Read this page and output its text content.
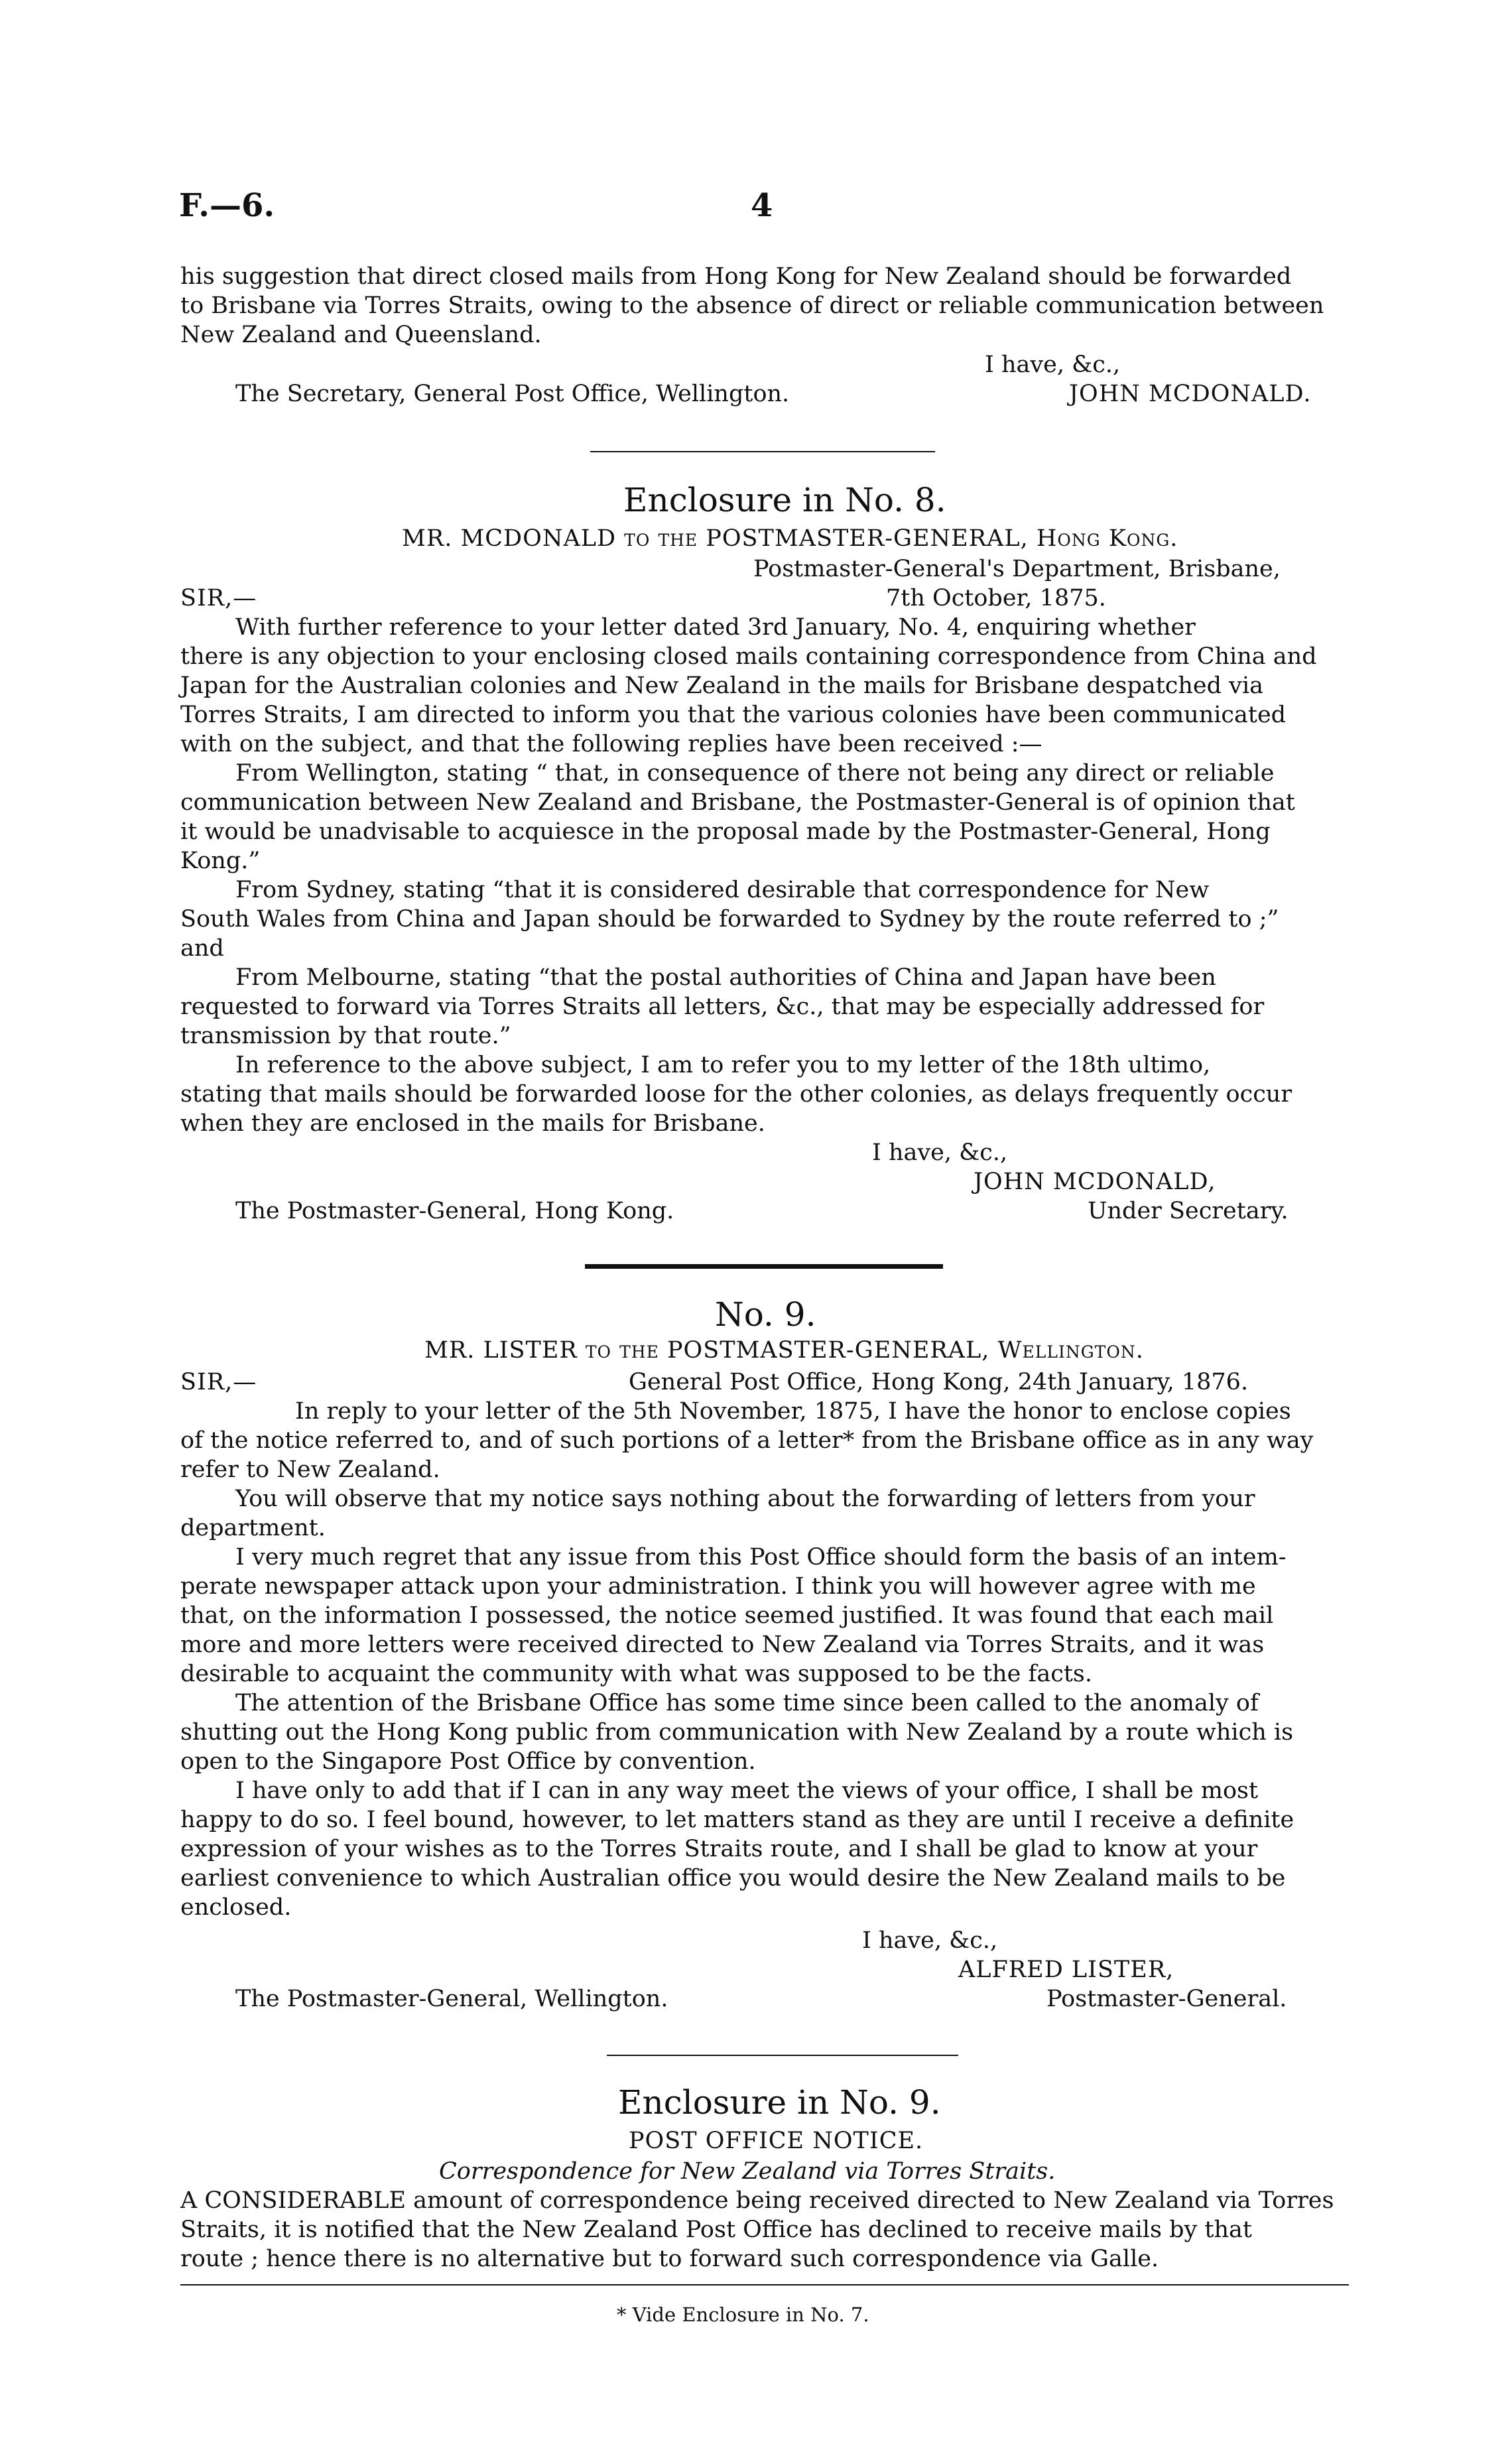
F.—6.	4
his suggestion that direct closed mails from Hong Kong for New Zealand should be forwarded
to Brisbane via Torres Straits, owing to the absence of direct or reliable communication between
New Zealand and Queensland.
I have, &c.,
The Secretary, General Post Office, Wellington.	JOHN MCDONALD.
Enclosure in No. 8.
MR. MCDONALD to the POSTMASTER-GENERAL, Hong Kong.
Postmaster-General's Department, Brisbane,
SIR,—	7th October, 1875.
With further reference to your letter dated 3rd January, No. 4, enquiring whether
there is any objection to your enclosing closed mails containing correspondence from China and
Japan for the Australian colonies and New Zealand in the mails for Brisbane despatched via
Torres Straits, I am directed to inform you that the various colonies have been communicated
with on the subject, and that the following replies have been received :—
From Wellington, stating “ that, in consequence of there not being any direct or reliable
communication between New Zealand and Brisbane, the Postmaster-General is of opinion that
it would be unadvisable to acquiesce in the proposal made by the Postmaster-General, Hong
Kong.”
From Sydney, stating “that it is considered desirable that correspondence for New
South Wales from China and Japan should be forwarded to Sydney by the route referred to ;”
and
From Melbourne, stating “that the postal authorities of China and Japan have been
requested to forward via Torres Straits all letters, &c., that may be especially addressed for
transmission by that route.”
In reference to the above subject, I am to refer you to my letter of the 18th ultimo,
stating that mails should be forwarded loose for the other colonies, as delays frequently occur
when they are enclosed in the mails for Brisbane.
I have, &c.,
JOHN MCDONALD,
The Postmaster-General, Hong Kong.	Under Secretary.
No. 9.
MR. LISTER to the POSTMASTER-GENERAL, Wellington.
SIR,—	General Post Office, Hong Kong, 24th January, 1876.
In reply to your letter of the 5th November, 1875, I have the honor to enclose copies
of the notice referred to, and of such portions of a letter* from the Brisbane office as in any way
refer to New Zealand.
You will observe that my notice says nothing about the forwarding of letters from your
department.
I very much regret that any issue from this Post Office should form the basis of an intem-
perate newspaper attack upon your administration. I think you will however agree with me
that, on the information I possessed, the notice seemed justified. It was found that each mail
more and more letters were received directed to New Zealand via Torres Straits, and it was
desirable to acquaint the community with what was supposed to be the facts.
The attention of the Brisbane Office has some time since been called to the anomaly of
shutting out the Hong Kong public from communication with New Zealand by a route which is
open to the Singapore Post Office by convention.
I have only to add that if I can in any way meet the views of your office, I shall be most
happy to do so. I feel bound, however, to let matters stand as they are until I receive a definite
expression of your wishes as to the Torres Straits route, and I shall be glad to know at your
earliest convenience to which Australian office you would desire the New Zealand mails to be
enclosed.
I have, &c.,
ALFRED LISTER,
The Postmaster-General, Wellington.	Postmaster-General.
Enclosure in No. 9.
POST OFFICE NOTICE.
Correspondence for New Zealand via Torres Straits.
A CONSIDERABLE amount of correspondence being received directed to New Zealand via Torres
Straits, it is notified that the New Zealand Post Office has declined to receive mails by that
route ; hence there is no alternative but to forward such correspondence via Galle.
* Vide Enclosure in No. 7.
